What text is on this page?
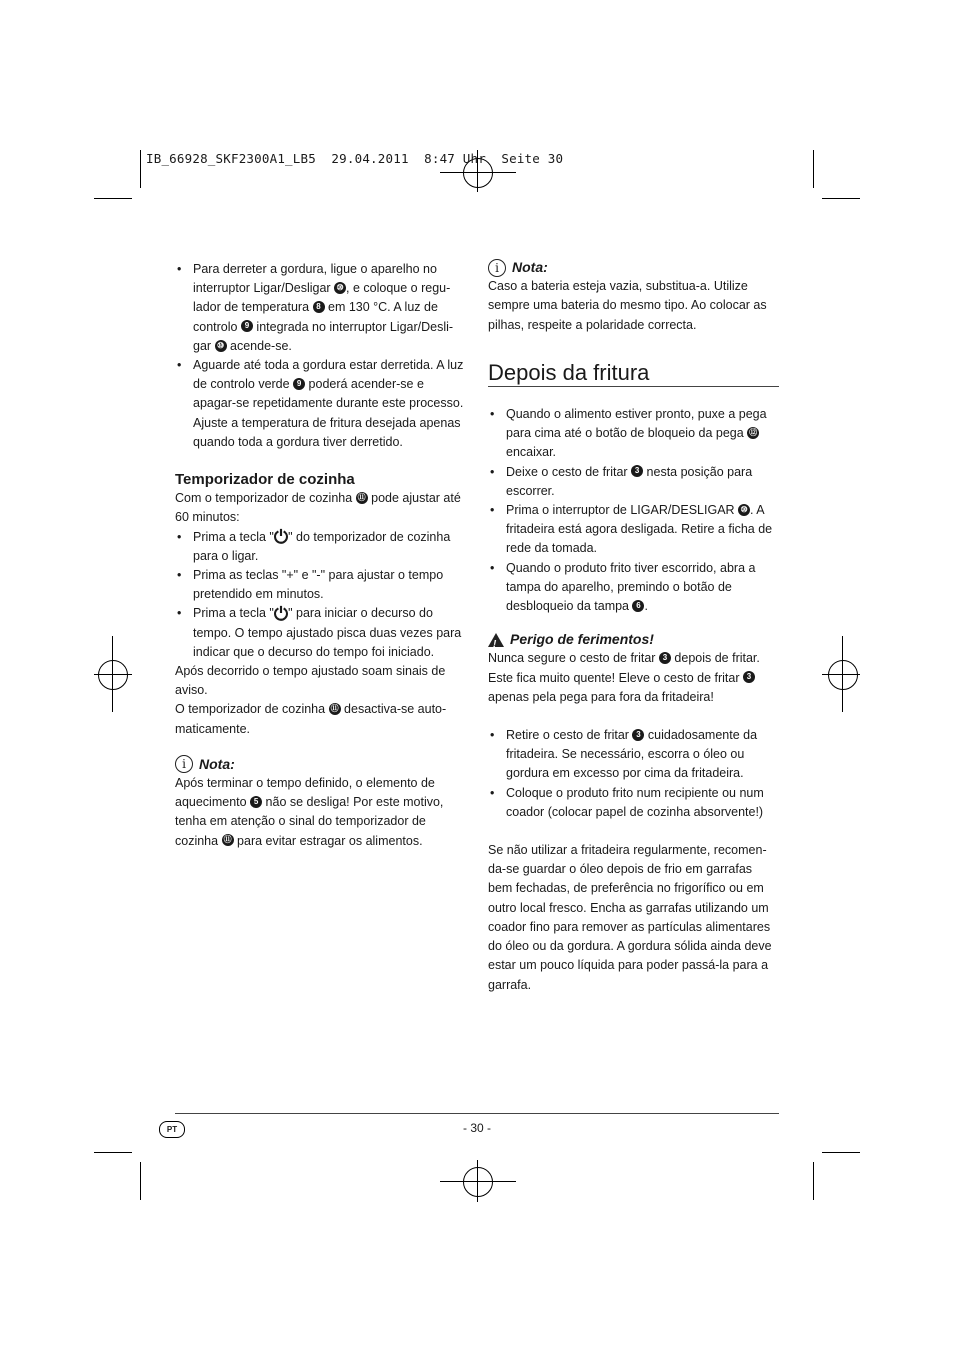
IB_66928_SKF2300A1_LB5  29.04.2011  8:47 Uhr  Seite 30
• Para derreter a gordura, ligue o aparelho no interruptor Ligar/Desligar ⑩ , e coloque o regu-lador de temperatura 8 em 130 °C. A luz de controlo 9 integrada no interruptor Ligar/Desli-gar ⑩ acende-se.
• Aguarde até toda a gordura estar derretida. A luz de controlo verde 9 poderá acender-se e apagar-se repetidamente durante este processo. Ajuste a temperatura de fritura desejada apenas quando toda a gordura tiver derretido.

Temporizador de cozinha

Com o temporizador de cozinha ⑪ pode ajustar até 60 minutos:

• Prima a tecla "⏻" do temporizador de cozinha para o ligar.
• Prima as teclas "+" e "-" para ajustar o tempo pretendido em minutos.
• Prima a tecla "⏻" para iniciar o decurso do tempo. O tempo ajustado pisca duas vezes para indicar que o decurso do tempo foi iniciado.

Após decorrido o tempo ajustado soam sinais de aviso.

O temporizador de cozinha ⑪ desactiva-se auto-maticamente.

i
Nota:

Após terminar o tempo definido, o elemento de aquecimento 5 não se desliga! Por este motivo, tenha em atenção o sinal do temporizador de cozinha ⑪ para evitar estragar os alimentos.

i
Nota:

Caso a bateria esteja vazia, substitua-a. Utilize sempre uma bateria do mesmo tipo. Ao colocar as pilhas, respeite a polaridade correcta.

Depois da fritura

• Quando o alimento estiver pronto, puxe a pega para cima até o botão de bloqueio da pega ⑫ encaixar.
• Deixe o cesto de fritar 3 nesta posição para escorrer.
• Prima o interruptor de LIGAR/DESLIGAR ⑩ . A fritadeira está agora desligada. Retire a ficha de rede da tomada.
• Quando o produto frito tiver escorrido, abra a tampa do aparelho, premindo o botão de desbloqueio da tampa 6 .

!
Perigo de ferimentos!

Nunca segure o cesto de fritar 3 depois de fritar. Este fica muito quente! Eleve o cesto de fritar 3 apenas pela pega para fora da fritadeira!

• Retire o cesto de fritar 3 cuidadosamente da fritadeira. Se necessário, escorra o óleo ou gordura em excesso por cima da fritadeira.
• Coloque o produto frito num recipiente ou num coador (colocar papel de cozinha absorvente!)

Se não utilizar a fritadeira regularmente, recomen-da-se guardar o óleo depois de frio em garrafas bem fechadas, de preferência no frigorífico ou em outro local fresco. Encha as garrafas utilizando um coador fino para remover as partículas alimentares do óleo ou da gordura. A gordura sólida ainda deve estar um pouco líquida para poder passá-la para a garrafa.

PT	- 30 -
